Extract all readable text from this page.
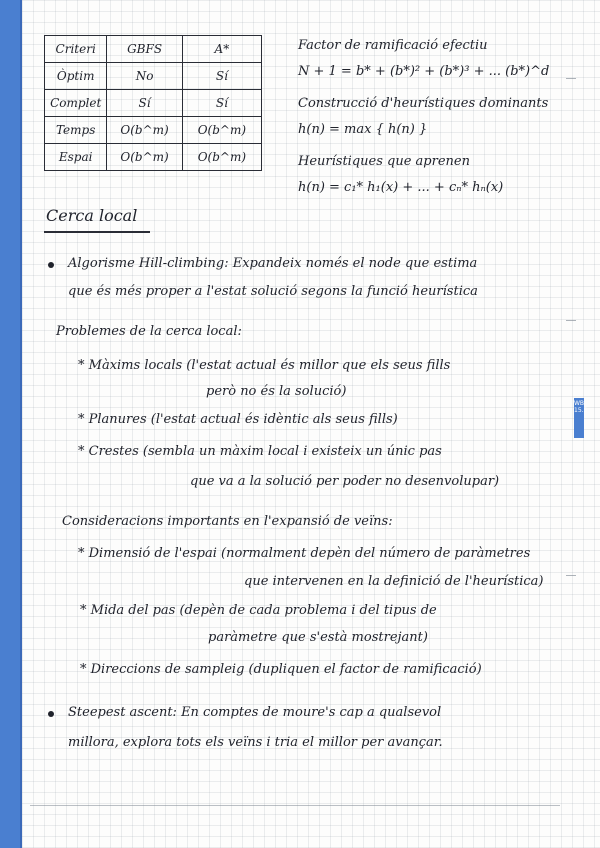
Criteri	GBFS	A*
Òptim	No	Sí
Complet	Sí	Sí
Temps	O(b^m)	O(b^m)
Espai	O(b^m)	O(b^m)
Factor de ramificació efectiu
N + 1 = b* + (b*)² + (b*)³ + ... (b*)^d
Construcció d'heurístiques dominants
h(n) = max { h(n) }
Heurístiques que aprenen
h(n) = c₁* h₁(x) + ... + cₙ* hₙ(x)
Cerca local
Algorisme Hill-climbing: Expandeix només el node que estima
que és més proper a l'estat solució segons la funció heurística
Problemes de la cerca local:
* Màxims locals (l'estat actual és millor que els seus fills
però no és la solució)
* Planures (l'estat actual és idèntic als seus fills)
* Crestes (sembla un màxim local i existeix un únic pas
que va a la solució per poder no desenvolupar)
Consideracions importants en l'expansió de veïns:
* Dimensió de l'espai (normalment depèn del número de paràmetres
que intervenen en la definició de l'heurística)
* Mida del pas (depèn de cada problema i del tipus de
paràmetre que s'està mostrejant)
* Direccions de sampleig (dupliquen el factor de ramificació)
Steepest ascent: En comptes de moure's cap a qualsevol
millora, explora tots els veïns i tria el millor per avançar.
WB 15.5
